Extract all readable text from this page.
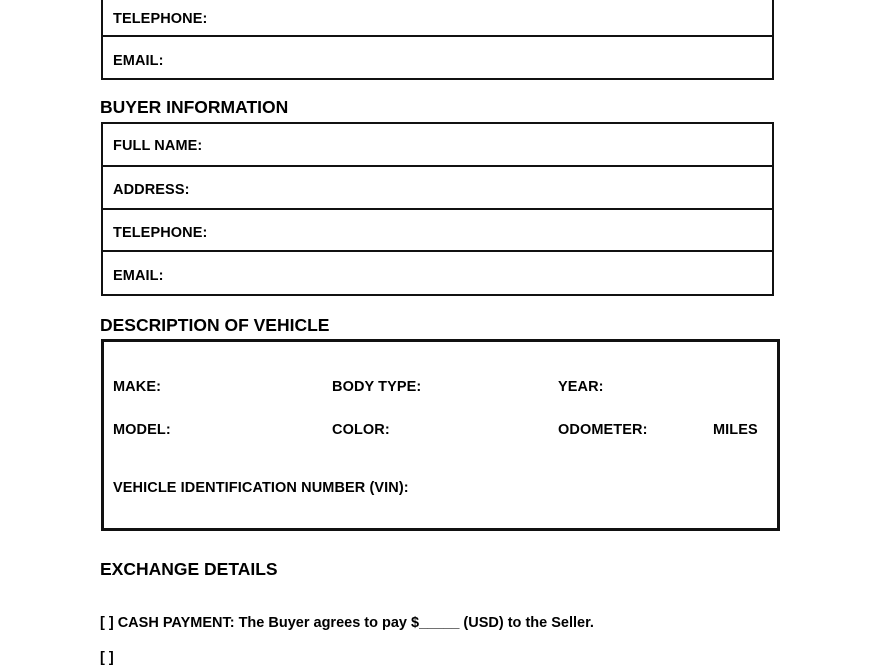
TELEPHONE:
EMAIL:
BUYER INFORMATION
FULL NAME:
ADDRESS:
TELEPHONE:
EMAIL:
DESCRIPTION OF VEHICLE
MAKE:	BODY TYPE:	YEAR:
MODEL:	COLOR:	ODOMETER:	MILES
VEHICLE IDENTIFICATION NUMBER (VIN):
EXCHANGE DETAILS
[ ] CASH PAYMENT: The Buyer agrees to pay $_____ (USD) to the Seller.
[ ]
